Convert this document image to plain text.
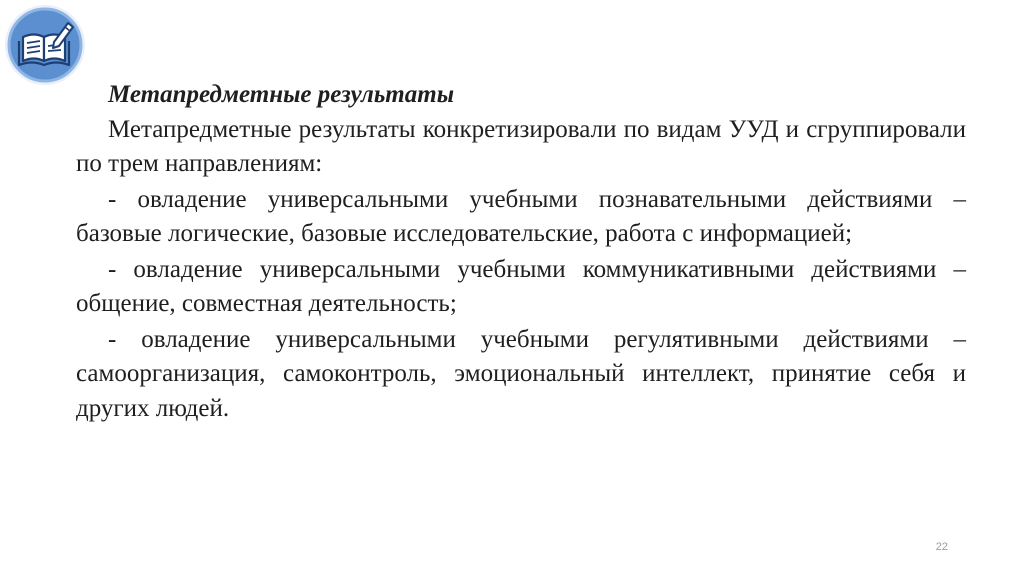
Метапредметные результаты

Метапредметные результаты конкретизировали по видам УУД и сгруппировали по трем направлениям:

- овладение универсальными учебными познавательными действиями – базовые логические, базовые исследовательские, работа с информацией;

- овладение универсальными учебными коммуникативными действиями – общение, совместная деятельность;

- овладение универсальными учебными регулятивными действиями – самоорганизация, самоконтроль, эмоциональный интеллект, принятие себя и других людей.

22
